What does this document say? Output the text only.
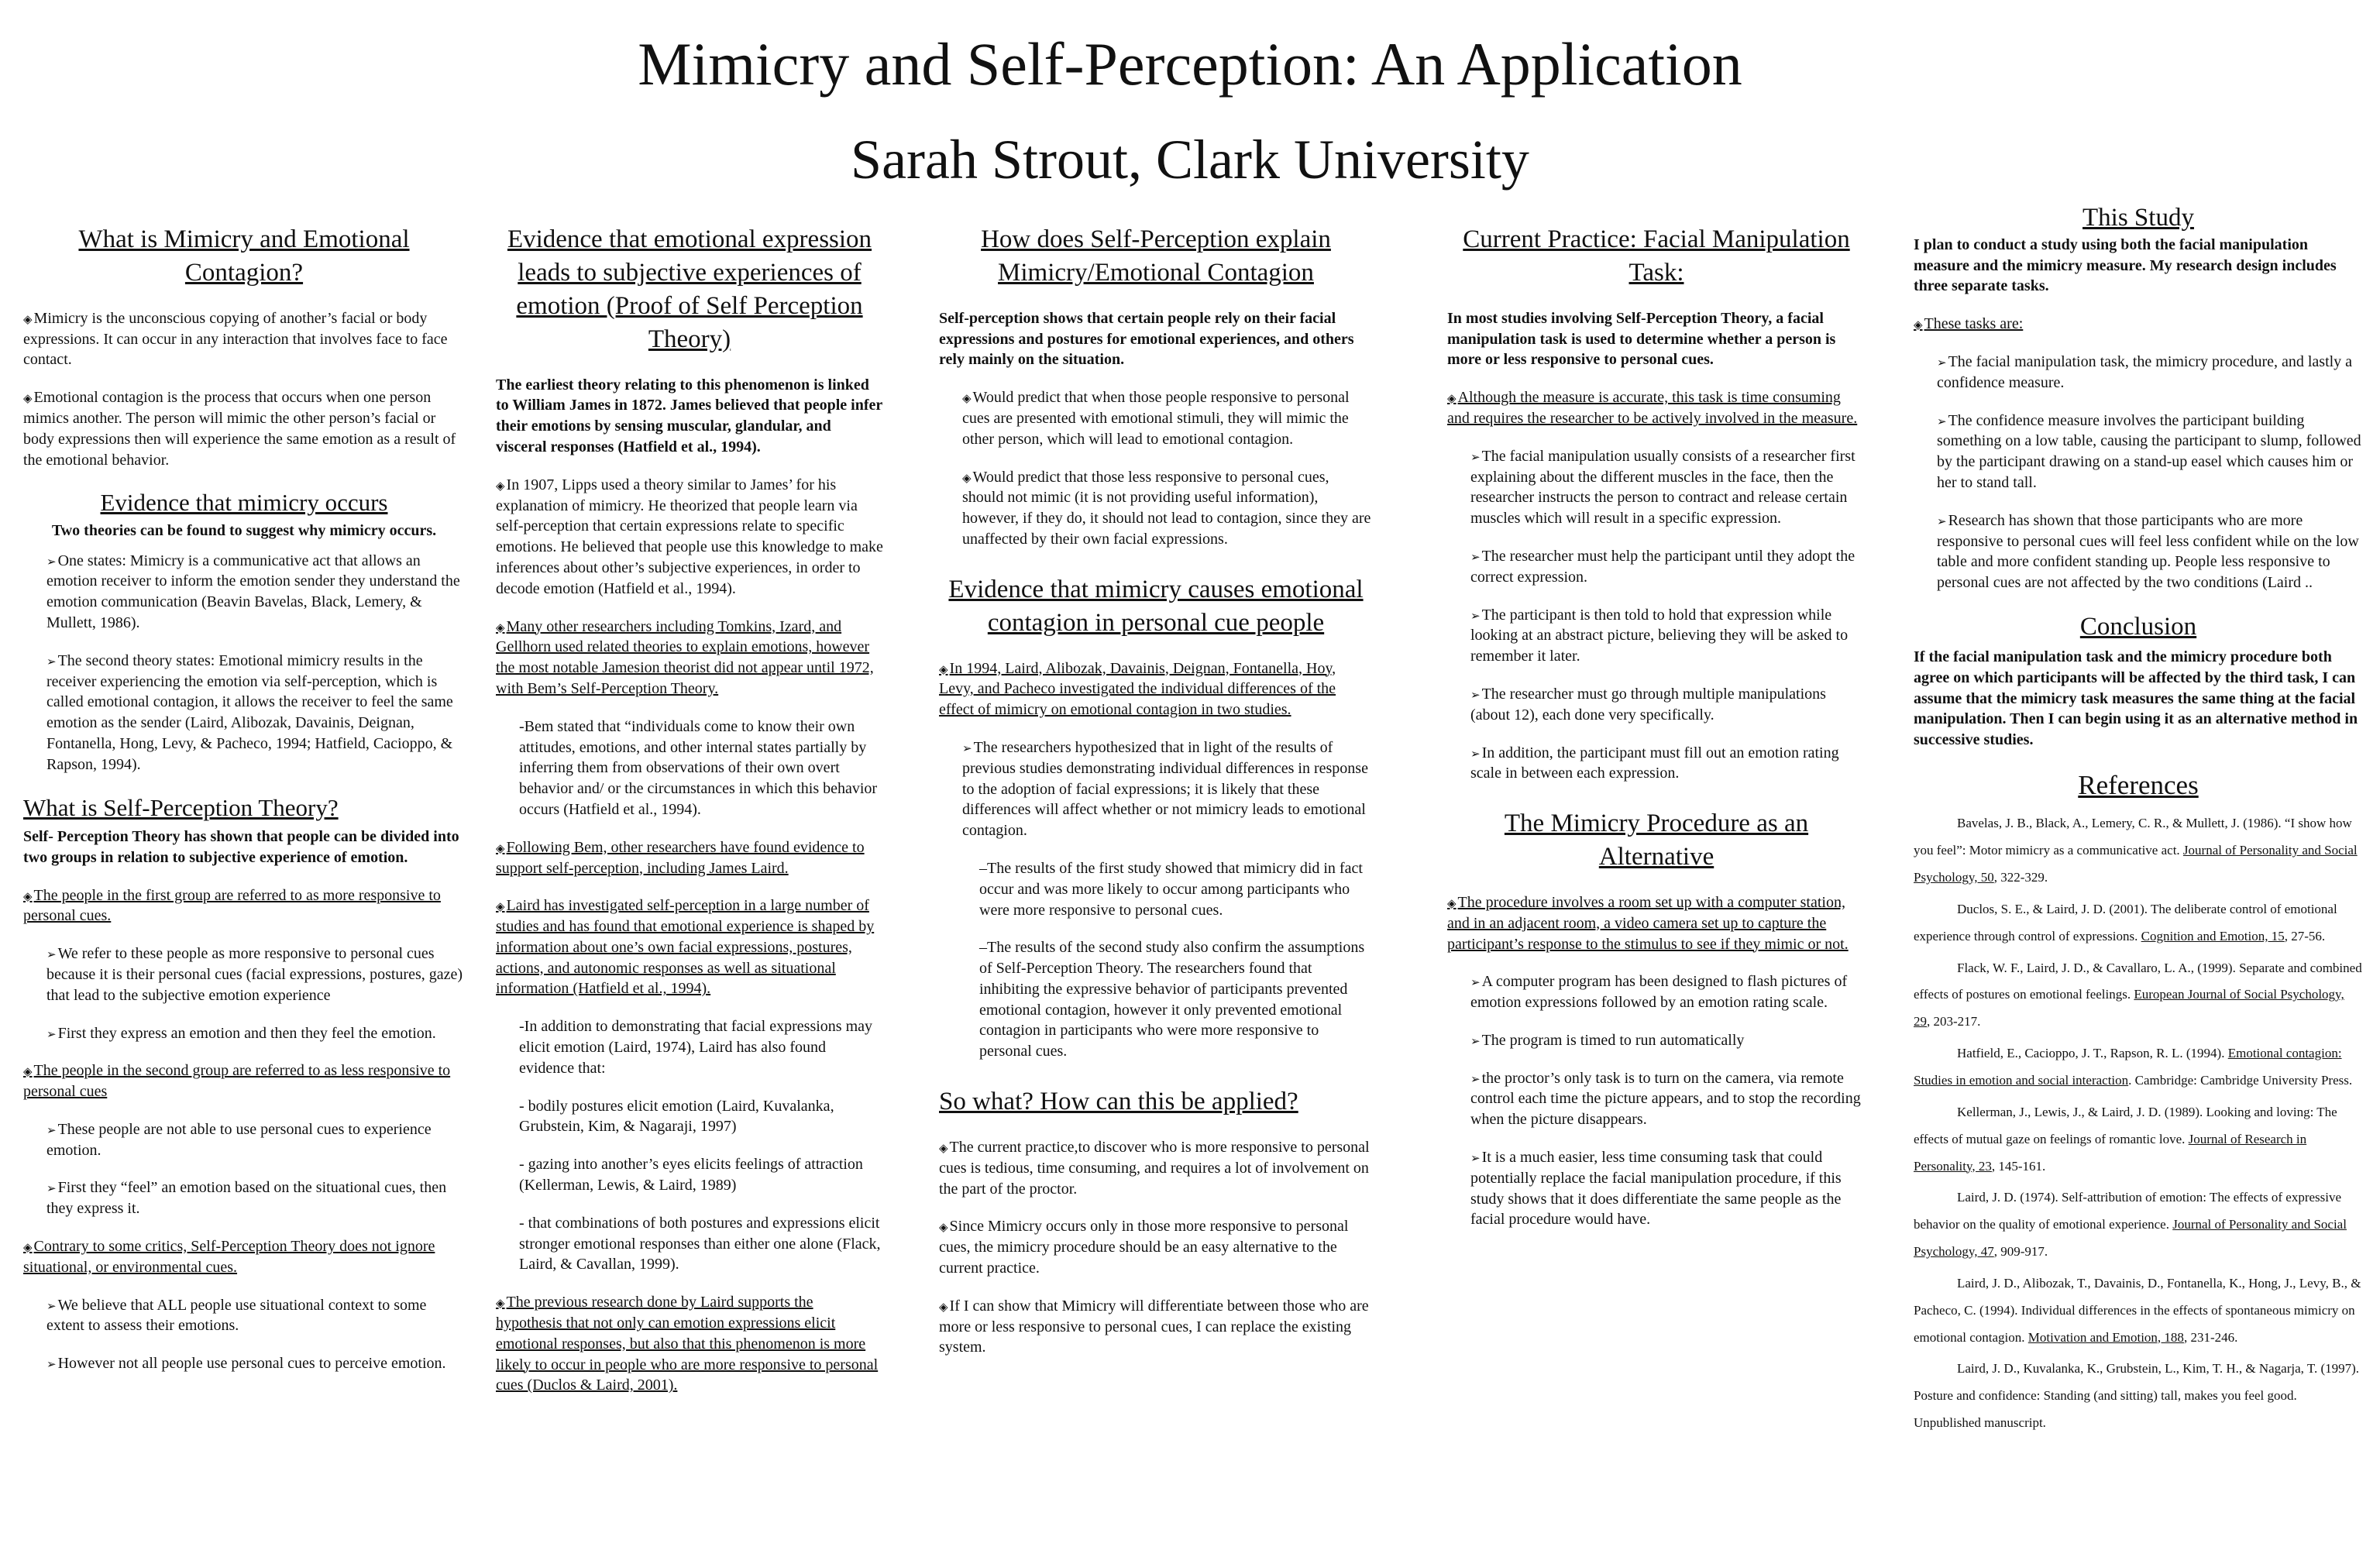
Mimicry and Self-Perception: An Application
Sarah Strout, Clark University
What is Mimicry and Emotional Contagion?

◈ Mimicry is the unconscious copying of another’s facial or body expressions. It can occur in any interaction that involves face to face contact.

◈ Emotional contagion is the process that occurs when one person mimics another. The person will mimic the other person’s facial or body expressions then will experience the same emotion as a result of the emotional behavior.

Evidence that mimicry occurs
Two theories can be found to suggest why mimicry occurs.

➢ One states: Mimicry is a communicative act that allows an emotion receiver to inform the emotion sender they understand the emotion communication (Beavin Bavelas, Black, Lemery, & Mullett, 1986).

➢ The second theory states: Emotional mimicry results in the receiver experiencing the emotion via self-perception, which is called emotional contagion, it allows the receiver to feel the same emotion as the sender (Laird, Alibozak, Davainis, Deignan, Fontanella, Hong, Levy, & Pacheco, 1994; Hatfield, Cacioppo, & Rapson, 1994).

What is Self-Perception Theory?

Self- Perception Theory has shown that people can be divided into two groups in relation to subjective experience of emotion.

◈ The people in the first group are referred to as more responsive to personal cues.

➢ We refer to these people as more responsive to personal cues because it is their personal cues (facial expressions, postures, gaze) that lead to the subjective emotion experience

➢ First they express an emotion and then they feel the emotion.

◈ The people in the second group are referred to as less responsive to personal cues

➢ These people are not able to use personal cues to experience emotion.

➢ First they “feel” an emotion based on the situational cues, then they express it.

◈ Contrary to some critics, Self-Perception Theory does not ignore situational, or environmental cues.

➢ We believe that ALL people use situational context to some extent to assess their emotions.

➢ However not all people use personal cues to perceive emotion.

Evidence that emotional expression leads to subjective experiences of emotion (Proof of Self Perception Theory)

The earliest theory relating to this phenomenon is linked to William James in 1872. James believed that people infer their emotions by sensing muscular, glandular, and visceral responses (Hatfield et al., 1994).

◈ In 1907, Lipps used a theory similar to James’ for his explanation of mimicry. He theorized that people learn via self-perception that certain expressions relate to specific emotions. He believed that people use this knowledge to make inferences about other’s subjective experiences, in order to decode emotion (Hatfield et al., 1994).

◈ Many other researchers including Tomkins, Izard, and Gellhorn used related theories to explain emotions, however the most notable Jamesion theorist did not appear until 1972, with Bem’s Self-Perception Theory.

-Bem stated that “individuals come to know their own attitudes, emotions, and other internal states partially by inferring them from observations of their own overt behavior and/ or the circumstances in which this behavior occurs (Hatfield et al., 1994).

◈ Following Bem, other researchers have found evidence to support self-perception, including James Laird.

◈ Laird has investigated self-perception in a large number of studies and has found that emotional experience is shaped by information about one’s own facial expressions, postures, actions, and autonomic responses as well as situational information (Hatfield et al., 1994).

-In addition to demonstrating that facial expressions may elicit emotion (Laird, 1974), Laird has also found evidence that:

- bodily postures elicit emotion (Laird, Kuvalanka, Grubstein, Kim, & Nagaraji, 1997)

- gazing into another’s eyes elicits feelings of attraction (Kellerman, Lewis, & Laird, 1989)

- that combinations of both postures and expressions elicit stronger emotional responses than either one alone (Flack, Laird, & Cavallan, 1999).

◈ The previous research done by Laird supports the hypothesis that not only can emotion expressions elicit emotional responses, but also that this phenomenon is more likely to occur in people who are more responsive to personal cues (Duclos & Laird, 2001).

How does Self-Perception explain Mimicry/Emotional Contagion

Self-perception shows that certain people rely on their facial expressions and postures for emotional experiences, and others rely mainly on the situation.

◈ Would predict that when those people responsive to personal cues are presented with emotional stimuli, they will mimic the other person, which will lead to emotional contagion.

◈ Would predict that those less responsive to personal cues, should not mimic (it is not providing useful information), however, if they do, it should not lead to contagion, since they are unaffected by their own facial expressions.

Evidence that mimicry causes emotional contagion in personal cue people

◈ In 1994, Laird, Alibozak, Davainis, Deignan, Fontanella, Hoy, Levy, and Pacheco investigated the individual differences of the effect of mimicry on emotional contagion in two studies.

➢ The researchers hypothesized that in light of the results of previous studies demonstrating individual differences in response to the adoption of facial expressions; it is likely that these differences will affect whether or not mimicry leads to emotional contagion.

–The results of the first study showed that mimicry did in fact occur and was more likely to occur among participants who were more responsive to personal cues.

–The results of the second study also confirm the assumptions of Self-Perception Theory. The researchers found that inhibiting the expressive behavior of participants prevented emotional contagion, however it only prevented emotional contagion in participants who were more responsive to personal cues.

So what? How can this be applied?

◈ The current practice,to discover who is more responsive to personal cues is tedious, time consuming, and requires a lot of involvement on the part of the proctor.

◈ Since Mimicry occurs only in those more responsive to personal cues, the mimicry procedure should be an easy alternative to the current practice.

◈ If I can show that Mimicry will differentiate between those who are more or less responsive to personal cues, I can replace the existing system.

Current Practice: Facial Manipulation Task:

In most studies involving Self-Perception Theory, a facial manipulation task is used to determine whether a person is more or less responsive to personal cues.

◈ Although the measure is accurate, this task is time consuming and requires the researcher to be actively involved in the measure.

➢ The facial manipulation usually consists of a researcher first explaining about the different muscles in the face, then the researcher instructs the person to contract and release certain muscles which will result in a specific expression.

➢ The researcher must help the participant until they adopt the correct expression.

➢ The participant is then told to hold that expression while looking at an abstract picture, believing they will be asked to remember it later.

➢ The researcher must go through multiple manipulations (about 12), each done very specifically.

➢ In addition, the participant must fill out an emotion rating scale in between each expression.

The Mimicry Procedure as an Alternative

◈ The procedure involves a room set up with a computer station, and in an adjacent room, a video camera set up to capture the participant’s response to the stimulus to see if they mimic or not.

➢ A computer program has been designed to flash pictures of emotion expressions followed by an emotion rating scale.

➢ The program is timed to run automatically

➢ the proctor’s only task is to turn on the camera, via remote control each time the picture appears, and to stop the recording when the picture disappears.

➢ It is a much easier, less time consuming task that could potentially replace the facial manipulation procedure, if this study shows that it does differentiate the same people as the facial procedure would have.

This Study

I plan to conduct a study using both the facial manipulation measure and the mimicry measure. My research design includes three separate tasks.

◈ These tasks are:

➢ The facial manipulation task, the mimicry procedure, and lastly a confidence measure.

➢ The confidence measure involves the participant building something on a low table, causing the participant to slump, followed by the participant drawing on a stand-up easel which causes him or her to stand tall.

➢ Research has shown that those participants who are more responsive to personal cues will feel less confident while on the low table and more confident standing up. People less responsive to personal cues are not affected by the two conditions (Laird ..

Conclusion

If the facial manipulation task and the mimicry procedure both agree on which participants will be affected by the third task, I can assume that the mimicry task measures the same thing at the facial manipulation. Then I can begin using it as an alternative method in successive studies.

References

Bavelas, J. B., Black, A., Lemery, C. R., & Mullett, J. (1986). “I show how you feel”: Motor mimicry as a communicative act. Journal of Personality and Social Psychology, 50, 322-329.

Duclos, S. E., & Laird, J. D. (2001). The deliberate control of emotional experience through control of expressions. Cognition and Emotion, 15, 27-56.

Flack, W. F., Laird, J. D., & Cavallaro, L. A., (1999). Separate and combined effects of postures on emotional feelings. European Journal of Social Psychology, 29, 203-217.

Hatfield, E., Cacioppo, J. T., Rapson, R. L. (1994). Emotional contagion: Studies in emotion and social interaction. Cambridge: Cambridge University Press.

Kellerman, J., Lewis, J., & Laird, J. D. (1989). Looking and loving: The effects of mutual gaze on feelings of romantic love. Journal of Research in Personality, 23, 145-161.

Laird, J. D. (1974). Self-attribution of emotion: The effects of expressive behavior on the quality of emotional experience. Journal of Personality and Social Psychology, 47, 909-917.

Laird, J. D., Alibozak, T., Davainis, D., Fontanella, K., Hong, J., Levy, B., & Pacheco, C. (1994). Individual differences in the effects of spontaneous mimicry on emotional contagion. Motivation and Emotion, 188, 231-246.

Laird, J. D., Kuvalanka, K., Grubstein, L., Kim, T. H., & Nagarja, T. (1997). Posture and confidence: Standing (and sitting) tall, makes you feel good. Unpublished manuscript.
